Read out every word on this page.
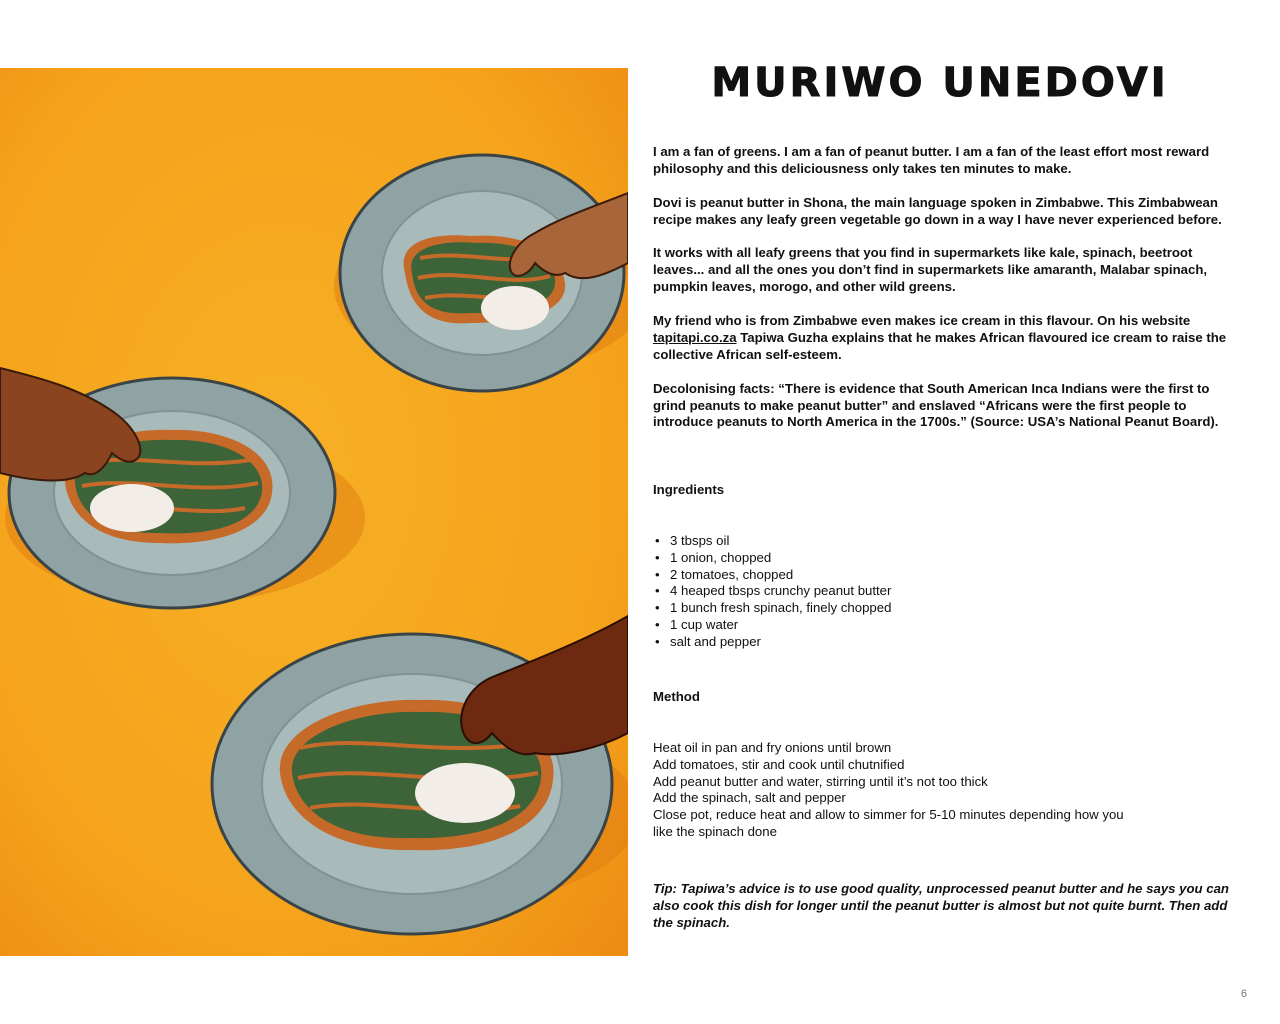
MURIWO UNEDOVI

I am a fan of greens. I am a fan of peanut butter. I am a fan of the least effort most reward philosophy and this deliciousness only takes ten minutes to make.

Dovi is peanut butter in Shona, the main language spoken in Zimbabwe. This Zimbabwean recipe makes any leafy green vegetable go down in a way I have never experienced before.

It works with all leafy greens that you find in supermarkets like kale, spinach, beetroot leaves... and all the ones you don’t find in supermarkets like amaranth, Malabar spinach, pumpkin leaves, morogo, and other wild greens.

My friend who is from Zimbabwe even makes ice cream in this flavour. On his website tapitapi.co.za Tapiwa Guzha explains that he makes African flavoured ice cream to raise the collective African self-esteem.

Decolonising facts: “There is evidence that South American Inca Indians were the first to grind peanuts to make peanut butter” and enslaved “Africans were the first people to introduce peanuts to North America in the 1700s.” (Source: USA’s National Peanut Board).

Ingredients

• 3 tbsps oil
• 1 onion, chopped
• 2 tomatoes, chopped
• 4 heaped tbsps crunchy peanut butter
• 1 bunch fresh spinach, finely chopped
• 1 cup water
• salt and pepper

Method

Heat oil in pan and fry onions until brown
Add tomatoes, stir and cook until chutnified
Add peanut butter and water, stirring until it’s not too thick
Add the spinach, salt and pepper
Close pot, reduce heat and allow to simmer for 5-10 minutes depending how you
like the spinach done

Tip: Tapiwa’s advice is to use good quality, unprocessed peanut butter and he says you can also cook this dish for longer until the peanut butter is almost but not quite burnt. Then add the spinach.

6
